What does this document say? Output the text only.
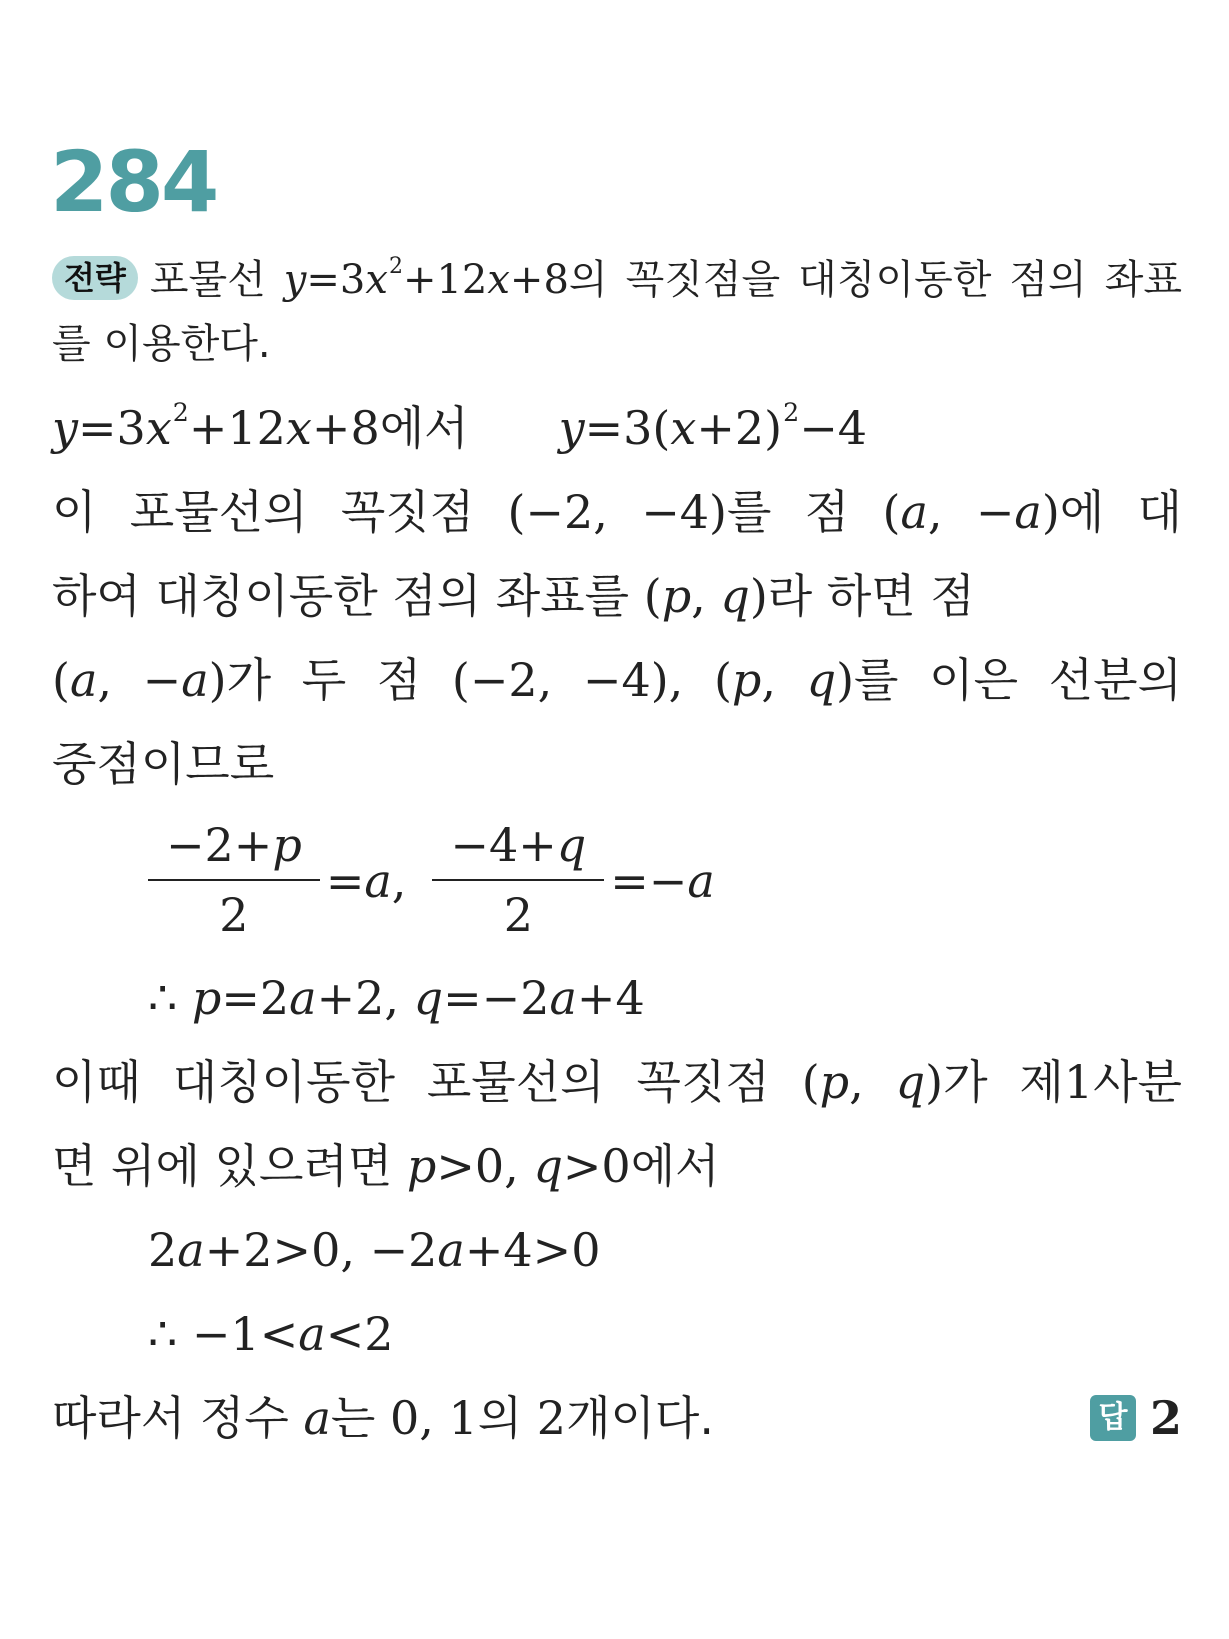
284
전략 포물선 $y=3x^2+12x+8$의 꼭짓점을 대칭이동한 점의 좌표를 이용한다.
$y=3x^2+12x+8$에서 $y=3(x+2)^2-4$
이 포물선의 꼭짓점 (−2, −4)를 점 (a, −a)에 대
하여 대칭이동한 점의 좌표를 (p, q)라 하면 점
(a, −a)가 두 점 (−2, −4), (p, q)를 이은 선분의
중점이므로
$\frac{-2+p}{2} =a$, $\frac{-4+q}{2} =-a$
∴ p=2a+2, q=−2a+4
이때 대칭이동한 포물선의 꼭짓점 (p, q)가 제1사분
면 위에 있으려면 p>0, q>0에서
2a+2>0, −2a+4>0
∴ −1<a<2
따라서 정수 a는 0, 1의 2개이다.	답 2
